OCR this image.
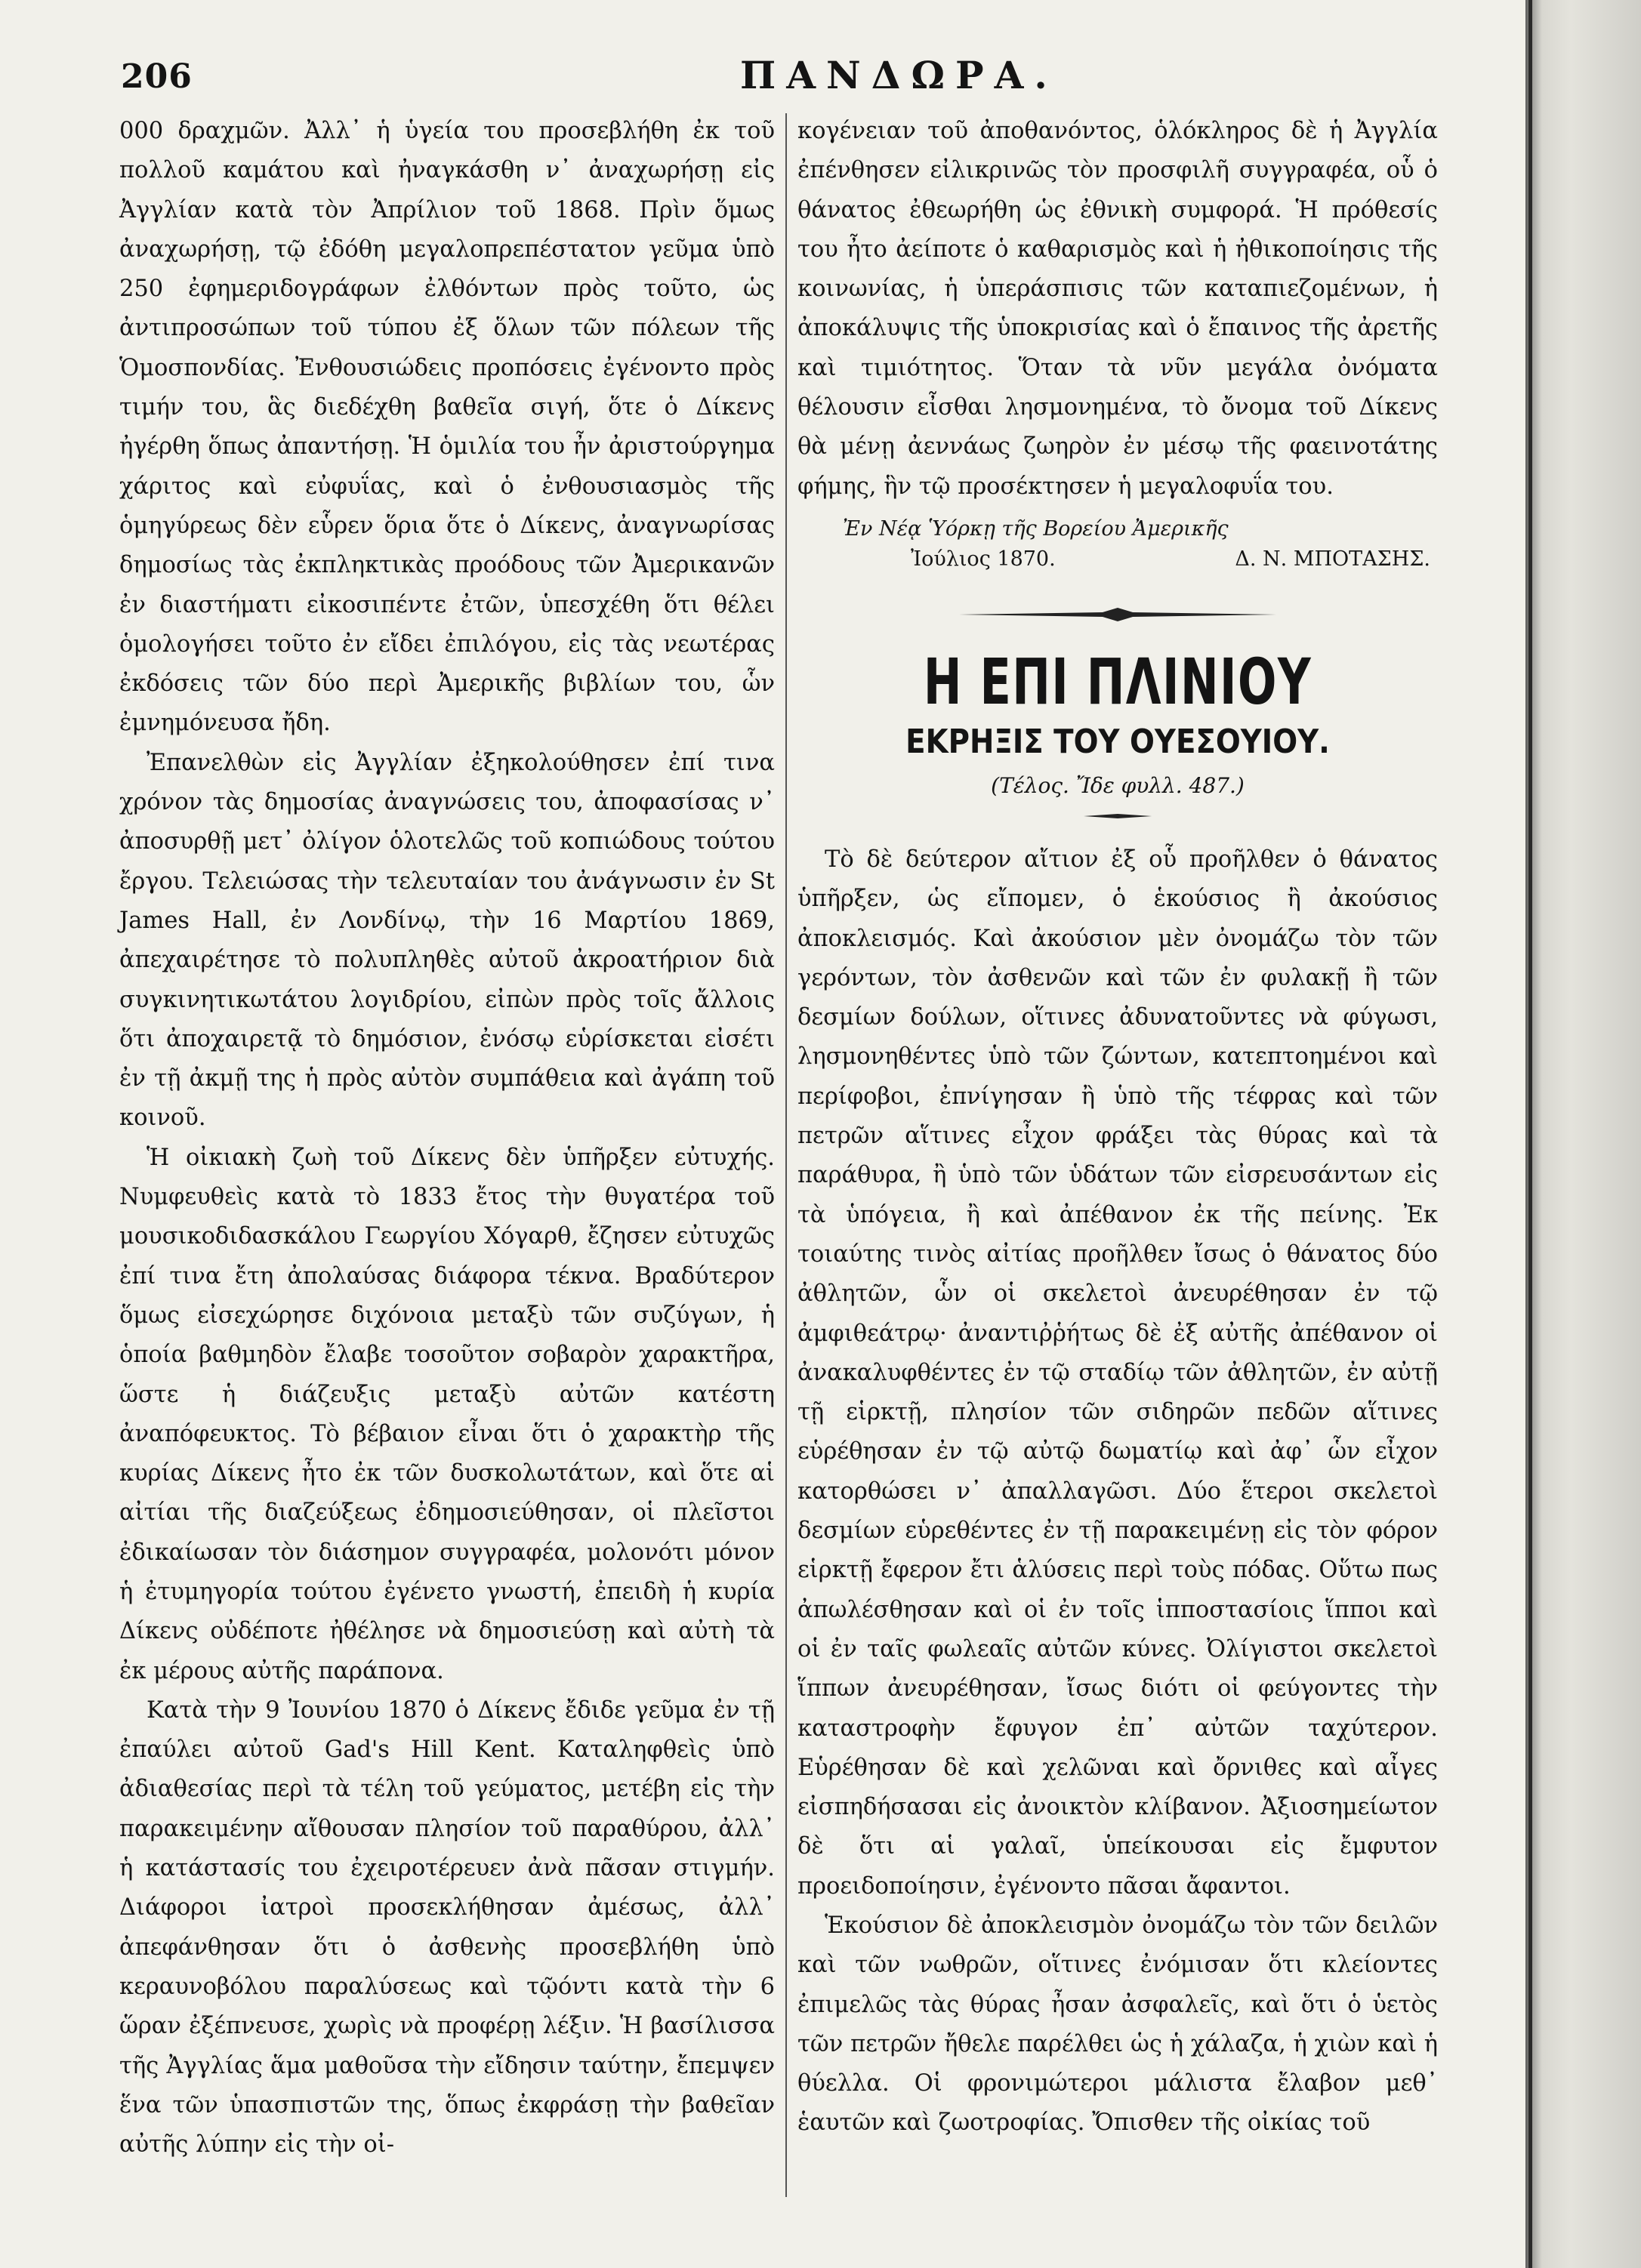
206	ΠΑΝΔΩΡΑ.

000 δραχμῶν. Ἀλλ᾽ ἡ ὑγεία του προσεβλήθη ἐκ τοῦ πολλοῦ καμάτου καὶ ἠναγκάσθη ν᾽ ἀναχωρήσῃ εἰς Ἀγγλίαν κατὰ τὸν Ἀπρίλιον τοῦ 1868. Πρὶν ὅμως ἀναχωρήσῃ, τῷ ἐδόθη μεγαλοπρεπέστατον γεῦμα ὑπὸ 250 ἐφημεριδογράφων ἐλθόντων πρὸς τοῦτο, ὡς ἀντιπροσώπων τοῦ τύπου ἐξ ὅλων τῶν πόλεων τῆς Ὁμοσπονδίας. Ἐνθουσιώδεις προπόσεις ἐγένοντο πρὸς τιμήν του, ἃς διεδέχθη βαθεῖα σιγή, ὅτε ὁ Δίκενς ἠγέρθη ὅπως ἀπαντήσῃ. Ἡ ὁμιλία του ἦν ἀριστούργημα χάριτος καὶ εὐφυΐας, καὶ ὁ ἐνθουσιασμὸς τῆς ὁμηγύρεως δὲν εὗρεν ὅρια ὅτε ὁ Δίκενς, ἀναγνωρίσας δημοσίως τὰς ἐκπληκτικὰς προόδους τῶν Ἀμερικανῶν ἐν διαστήματι εἰκοσιπέντε ἐτῶν, ὑπεσχέθη ὅτι θέλει ὁμολογήσει τοῦτο ἐν εἴδει ἐπιλόγου, εἰς τὰς νεωτέρας ἐκδόσεις τῶν δύο περὶ Ἀμερικῆς βιβλίων του, ὧν ἐμνημόνευσα ἤδη.

Ἐπανελθὼν εἰς Ἀγγλίαν ἐξηκολούθησεν ἐπί τινα χρόνον τὰς δημοσίας ἀναγνώσεις του, ἀποφασίσας ν᾽ ἀποσυρθῇ μετ᾽ ὀλίγον ὁλοτελῶς τοῦ κοπιώδους τούτου ἔργου. Τελειώσας τὴν τελευταίαν του ἀνάγνωσιν ἐν St James Hall, ἐν Λονδίνῳ, τὴν 16 Μαρτίου 1869, ἀπεχαιρέτησε τὸ πολυπληθὲς αὐτοῦ ἀκροατήριον διὰ συγκινητικωτάτου λογιδρίου, εἰπὼν πρὸς τοῖς ἄλλοις ὅτι ἀποχαιρετᾷ τὸ δημόσιον, ἐνόσῳ εὑρίσκεται εἰσέτι ἐν τῇ ἀκμῇ της ἡ πρὸς αὐτὸν συμπάθεια καὶ ἀγάπη τοῦ κοινοῦ.

Ἡ οἰκιακὴ ζωὴ τοῦ Δίκενς δὲν ὑπῆρξεν εὐτυχής. Νυμφευθεὶς κατὰ τὸ 1833 ἔτος τὴν θυγατέρα τοῦ μουσικοδιδασκάλου Γεωργίου Χόγαρθ, ἔζησεν εὐτυχῶς ἐπί τινα ἔτη ἀπολαύσας διάφορα τέκνα. Βραδύτερον ὅμως εἰσεχώρησε διχόνοια μεταξὺ τῶν συζύγων, ἡ ὁποία βαθμηδὸν ἔλαβε τοσοῦτον σοβαρὸν χαρακτῆρα, ὥστε ἡ διάζευξις μεταξὺ αὐτῶν κατέστη ἀναπόφευκτος. Τὸ βέβαιον εἶναι ὅτι ὁ χαρακτὴρ τῆς κυρίας Δίκενς ἦτο ἐκ τῶν δυσκολωτάτων, καὶ ὅτε αἱ αἰτίαι τῆς διαζεύξεως ἐδημοσιεύθησαν, οἱ πλεῖστοι ἐδικαίωσαν τὸν διάσημον συγγραφέα, μολονότι μόνον ἡ ἐτυμηγορία τούτου ἐγένετο γνωστή, ἐπειδὴ ἡ κυρία Δίκενς οὐδέποτε ἠθέλησε νὰ δημοσιεύσῃ καὶ αὐτὴ τὰ ἐκ μέρους αὐτῆς παράπονα.

Κατὰ τὴν 9 Ἰουνίου 1870 ὁ Δίκενς ἔδιδε γεῦμα ἐν τῇ ἐπαύλει αὐτοῦ Gad's Hill Kent. Καταληφθεὶς ὑπὸ ἀδιαθεσίας περὶ τὰ τέλη τοῦ γεύματος, μετέβη εἰς τὴν παρακειμένην αἴθουσαν πλησίον τοῦ παραθύρου, ἀλλ᾽ ἡ κατάστασίς του ἐχειροτέρευεν ἀνὰ πᾶσαν στιγμήν. Διάφοροι ἰατροὶ προσεκλήθησαν ἀμέσως, ἀλλ᾽ ἀπεφάνθησαν ὅτι ὁ ἀσθενὴς προσεβλήθη ὑπὸ κεραυνοβόλου παραλύσεως καὶ τῷόντι κατὰ τὴν 6 ὥραν ἐξέπνευσε, χωρὶς νὰ προφέρῃ λέξιν. Ἡ βασίλισσα τῆς Ἀγγλίας ἅμα μαθοῦσα τὴν εἴδησιν ταύτην, ἔπεμψεν ἕνα τῶν ὑπασπιστῶν της, ὅπως ἐκφράσῃ τὴν βαθεῖαν αὐτῆς λύπην εἰς τὴν οἰ-

κογένειαν τοῦ ἀποθανόντος, ὁλόκληρος δὲ ἡ Ἀγγλία ἐπένθησεν εἰλικρινῶς τὸν προσφιλῆ συγγραφέα, οὗ ὁ θάνατος ἐθεωρήθη ὡς ἐθνικὴ συμφορά. Ἡ πρόθεσίς του ἦτο ἀείποτε ὁ καθαρισμὸς καὶ ἡ ἠθικοποίησις τῆς κοινωνίας, ἡ ὑπεράσπισις τῶν καταπιεζομένων, ἡ ἀποκάλυψις τῆς ὑποκρισίας καὶ ὁ ἔπαινος τῆς ἀρετῆς καὶ τιμιότητος. Ὅταν τὰ νῦν μεγάλα ὀνόματα θέλουσιν εἶσθαι λησμονημένα, τὸ ὄνομα τοῦ Δίκενς θὰ μένῃ ἀεννάως ζωηρὸν ἐν μέσῳ τῆς φαεινοτάτης φήμης, ἣν τῷ προσέκτησεν ἡ μεγαλοφυΐα του.

Ἐν Νέᾳ Ὑόρκῃ τῆς Βορείου Ἀμερικῆς
Ἰούλιος 1870.	Δ. Ν. ΜΠΟΤΑΣΗΣ.
Η ΕΠΙ ΠΛΙΝΙΟΥ
ΕΚΡΗΞΙΣ ΤΟΥ ΟΥΕΣΟΥΙΟΥ.
(Τέλος. Ἴδε φυλλ. 487.)

Τὸ δὲ δεύτερον αἴτιον ἐξ οὗ προῆλθεν ὁ θάνατος ὑπῆρξεν, ὡς εἴπομεν, ὁ ἑκούσιος ἢ ἀκούσιος ἀποκλεισμός. Καὶ ἀκούσιον μὲν ὀνομάζω τὸν τῶν γερόντων, τὸν ἀσθενῶν καὶ τῶν ἐν φυλακῇ ἢ τῶν δεσμίων δούλων, οἵτινες ἀδυνατοῦντες νὰ φύγωσι, λησμονηθέντες ὑπὸ τῶν ζώντων, κατεπτοημένοι καὶ περίφοβοι, ἐπνίγησαν ἢ ὑπὸ τῆς τέφρας καὶ τῶν πετρῶν αἵτινες εἶχον φράξει τὰς θύρας καὶ τὰ παράθυρα, ἢ ὑπὸ τῶν ὑδάτων τῶν εἰσρευσάντων εἰς τὰ ὑπόγεια, ἢ καὶ ἀπέθανον ἐκ τῆς πείνης. Ἐκ τοιαύτης τινὸς αἰτίας προῆλθεν ἴσως ὁ θάνατος δύο ἀθλητῶν, ὧν οἱ σκελετοὶ ἀνευρέθησαν ἐν τῷ ἀμφιθεάτρῳ· ἀναντιῤῥήτως δὲ ἐξ αὐτῆς ἀπέθανον οἱ ἀνακαλυφθέντες ἐν τῷ σταδίῳ τῶν ἀθλητῶν, ἐν αὐτῇ τῇ εἱρκτῇ, πλησίον τῶν σιδηρῶν πεδῶν αἵτινες εὑρέθησαν ἐν τῷ αὐτῷ δωματίῳ καὶ ἀφ᾽ ὧν εἶχον κατορθώσει ν᾽ ἀπαλλαγῶσι. Δύο ἕτεροι σκελετοὶ δεσμίων εὑρεθέντες ἐν τῇ παρακειμένῃ εἰς τὸν φόρον εἱρκτῇ ἔφερον ἔτι ἁλύσεις περὶ τοὺς πόδας. Οὕτω πως ἀπωλέσθησαν καὶ οἱ ἐν τοῖς ἱπποστασίοις ἵπποι καὶ οἱ ἐν ταῖς φωλεαῖς αὐτῶν κύνες. Ὀλίγιστοι σκελετοὶ ἵππων ἀνευρέθησαν, ἴσως διότι οἱ φεύγοντες τὴν καταστροφὴν ἔφυγον ἐπ᾽ αὐτῶν ταχύτερον. Εὑρέθησαν δὲ καὶ χελῶναι καὶ ὄρνιθες καὶ αἶγες εἰσπηδήσασαι εἰς ἀνοικτὸν κλίβανον. Ἀξιοσημείωτον δὲ ὅτι αἱ γαλαῖ, ὑπείκουσαι εἰς ἔμφυτον προειδοποίησιν, ἐγένοντο πᾶσαι ἄφαντοι.

Ἑκούσιον δὲ ἀποκλεισμὸν ὀνομάζω τὸν τῶν δειλῶν καὶ τῶν νωθρῶν, οἵτινες ἐνόμισαν ὅτι κλείοντες ἐπιμελῶς τὰς θύρας ἦσαν ἀσφαλεῖς, καὶ ὅτι ὁ ὑετὸς τῶν πετρῶν ἤθελε παρέλθει ὡς ἡ χάλαζα, ἡ χιὼν καὶ ἡ θύελλα. Οἱ φρονιμώτεροι μάλιστα ἔλαβον μεθ᾽ ἑαυτῶν καὶ ζωοτροφίας. Ὄπισθεν τῆς οἰκίας τοῦ
